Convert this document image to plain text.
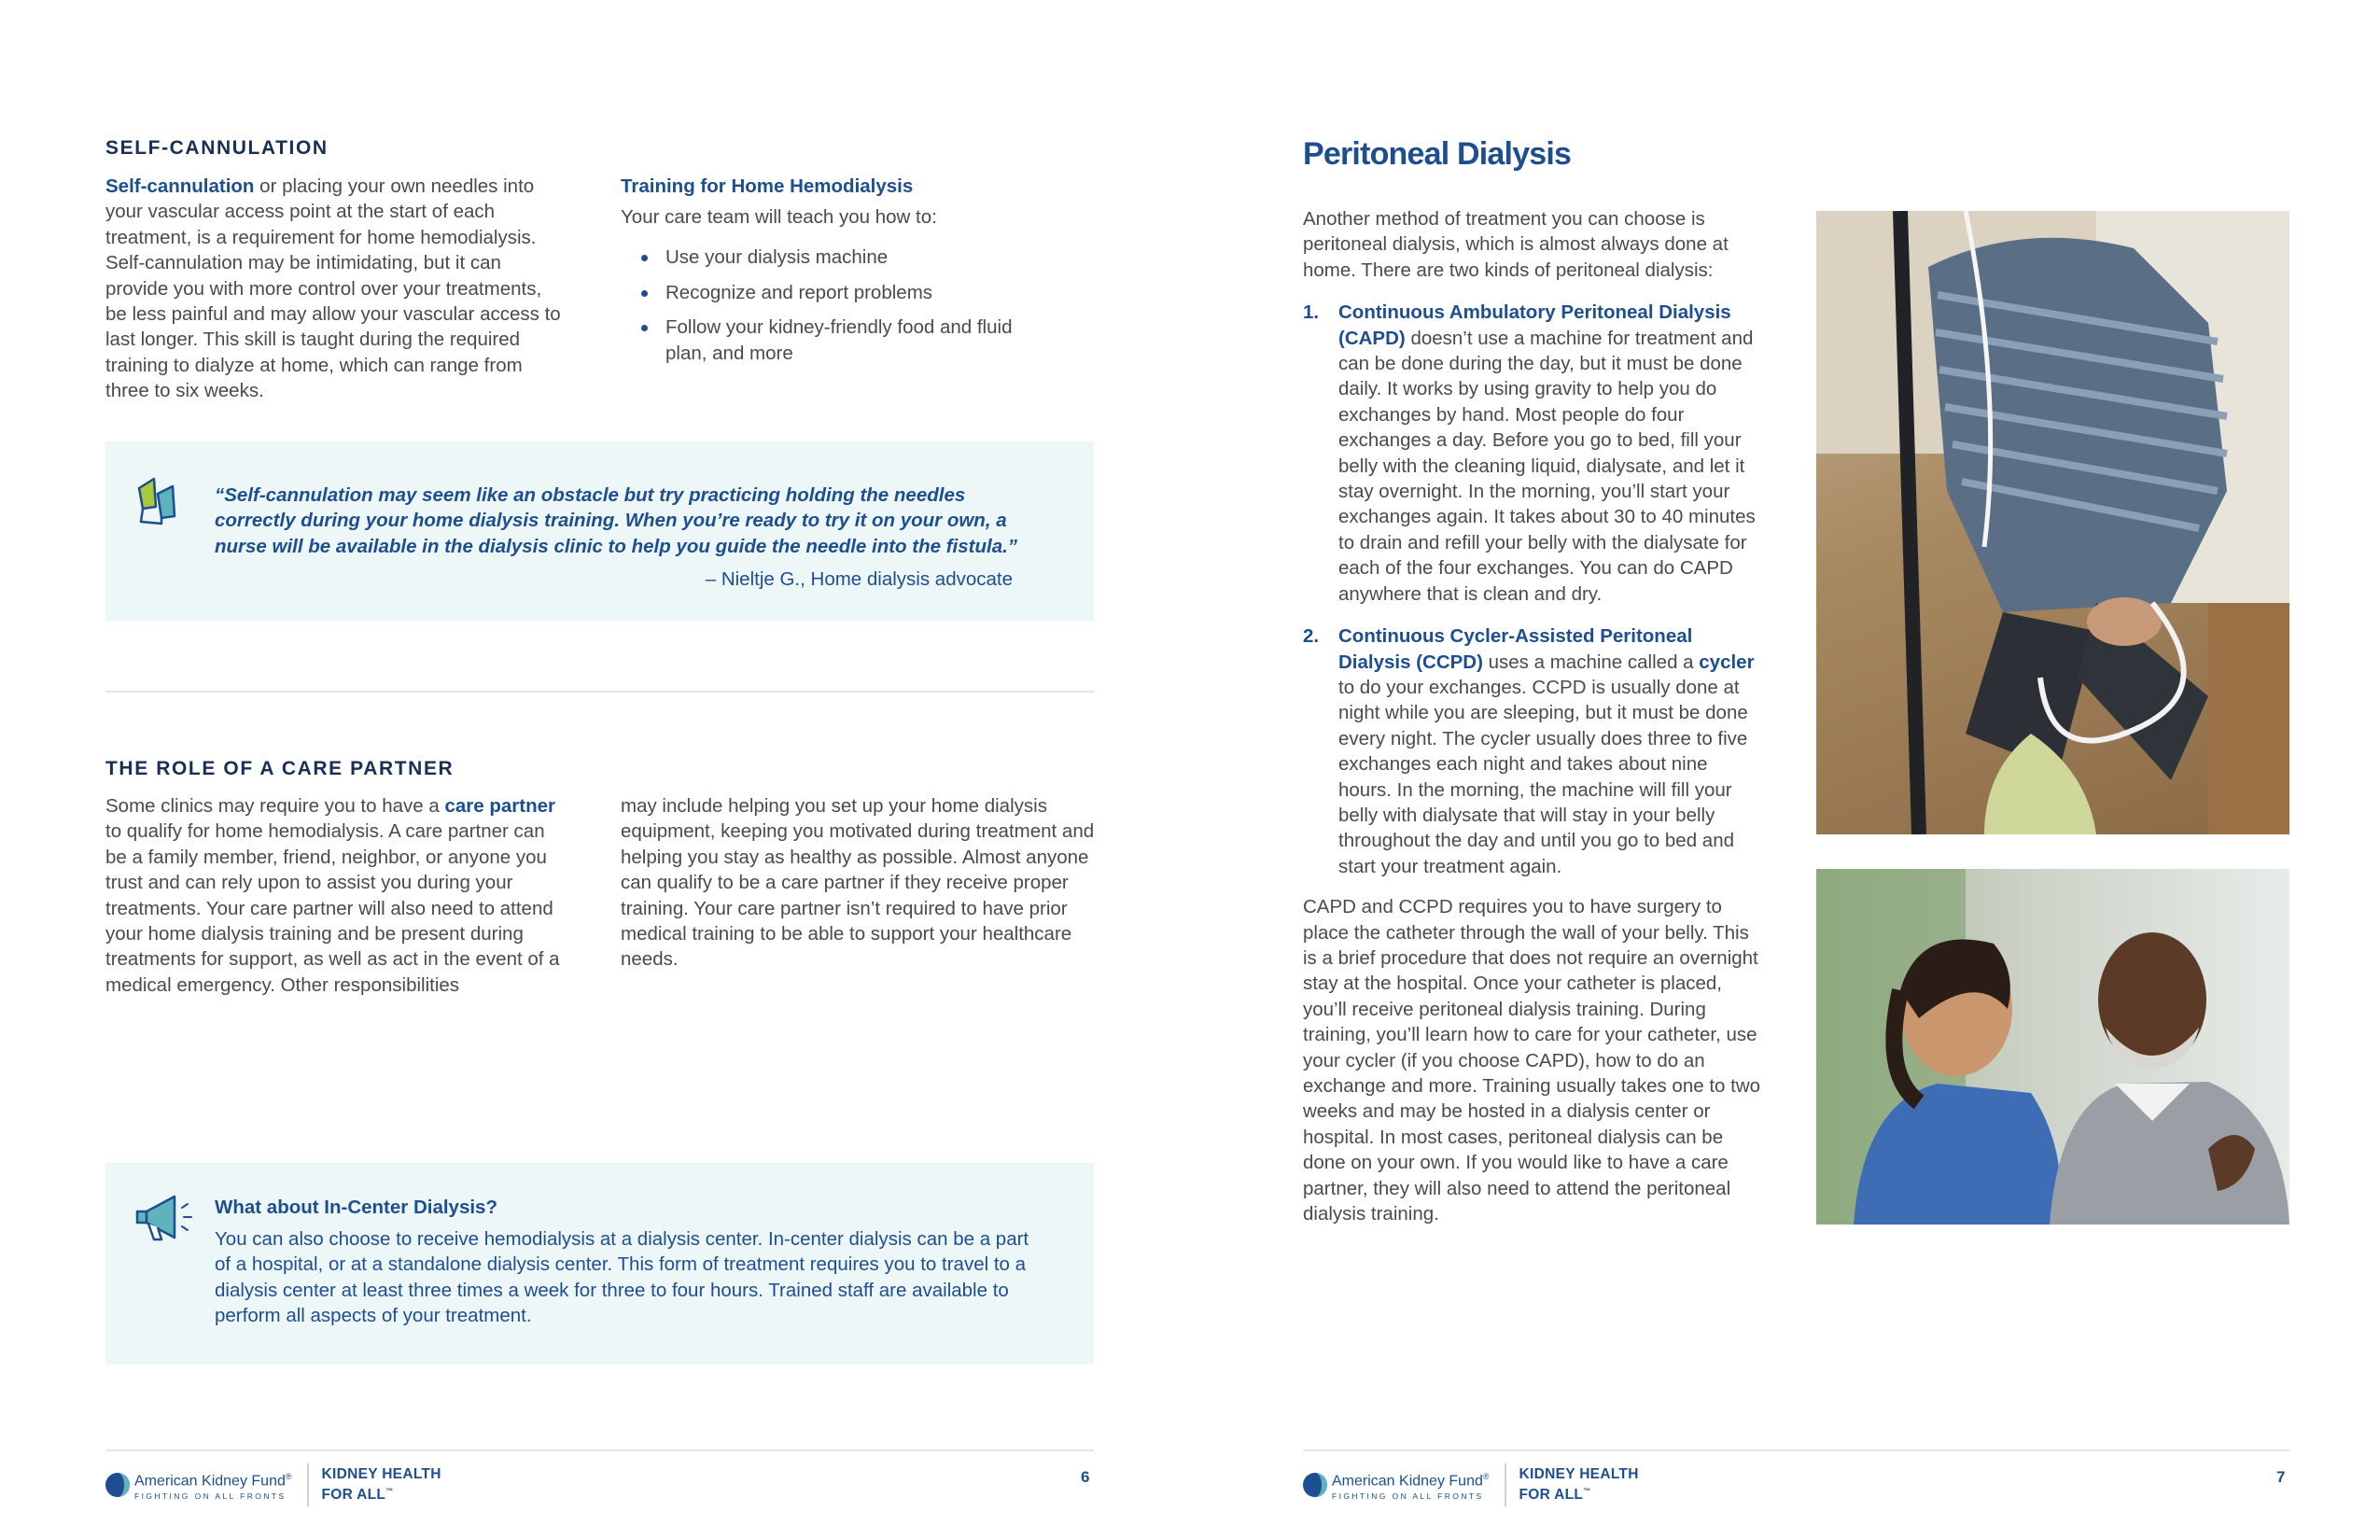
SELF-CANNULATION
Self-cannulation or placing your own needles into your vascular access point at the start of each treatment, is a requirement for home hemodialysis. Self-cannulation may be intimidating, but it can provide you with more control over your treatments, be less painful and may allow your vascular access to last longer. This skill is taught during the required training to dialyze at home, which can range from three to six weeks.
Training for Home Hemodialysis
Your care team will teach you how to:
Use your dialysis machine
Recognize and report problems
Follow your kidney-friendly food and fluid plan, and more
“Self-cannulation may seem like an obstacle but try practicing holding the needles correctly during your home dialysis training. When you’re ready to try it on your own, a nurse will be available in the dialysis clinic to help you guide the needle into the fistula.”
– Nieltje G., Home dialysis advocate
THE ROLE OF A CARE PARTNER
Some clinics may require you to have a care partner to qualify for home hemodialysis. A care partner can be a family member, friend, neighbor, or anyone you trust and can rely upon to assist you during your treatments. Your care partner will also need to attend your home dialysis training and be present during treatments for support, as well as act in the event of a medical emergency. Other responsibilities
may include helping you set up your home dialysis equipment, keeping you motivated during treatment and helping you stay as healthy as possible. Almost anyone can qualify to be a care partner if they receive proper training. Your care partner isn’t required to have prior medical training to be able to support your healthcare needs.
What about In-Center Dialysis?
You can also choose to receive hemodialysis at a dialysis center. In-center dialysis can be a part of a hospital, or at a standalone dialysis center. This form of treatment requires you to travel to a dialysis center at least three times a week for three to four hours. Trained staff are available to perform all aspects of your treatment.
American Kidney Fund®
FIGHTING ON ALL FRONTS
KIDNEY HEALTH
FOR ALL™
6
Peritoneal Dialysis
Another method of treatment you can choose is peritoneal dialysis, which is almost always done at home. There are two kinds of peritoneal dialysis:
1. Continuous Ambulatory Peritoneal Dialysis (CAPD) doesn’t use a machine for treatment and can be done during the day, but it must be done daily. It works by using gravity to help you do exchanges by hand. Most people do four exchanges a day. Before you go to bed, fill your belly with the cleaning liquid, dialysate, and let it stay overnight. In the morning, you’ll start your exchanges again. It takes about 30 to 40 minutes to drain and refill your belly with the dialysate for each of the four exchanges. You can do CAPD anywhere that is clean and dry.
2. Continuous Cycler-Assisted Peritoneal Dialysis (CCPD) uses a machine called a cycler to do your exchanges. CCPD is usually done at night while you are sleeping, but it must be done every night. The cycler usually does three to five exchanges each night and takes about nine hours. In the morning, the machine will fill your belly with dialysate that will stay in your belly throughout the day and until you go to bed and start your treatment again.
CAPD and CCPD requires you to have surgery to place the catheter through the wall of your belly. This is a brief procedure that does not require an overnight stay at the hospital. Once your catheter is placed, you’ll receive peritoneal dialysis training. During training, you’ll learn how to care for your catheter, use your cycler (if you choose CAPD), how to do an exchange and more. Training usually takes one to two weeks and may be hosted in a dialysis center or hospital. In most cases, peritoneal dialysis can be done on your own. If you would like to have a care partner, they will also need to attend the peritoneal dialysis training.
American Kidney Fund®
FIGHTING ON ALL FRONTS
KIDNEY HEALTH
FOR ALL™
7
